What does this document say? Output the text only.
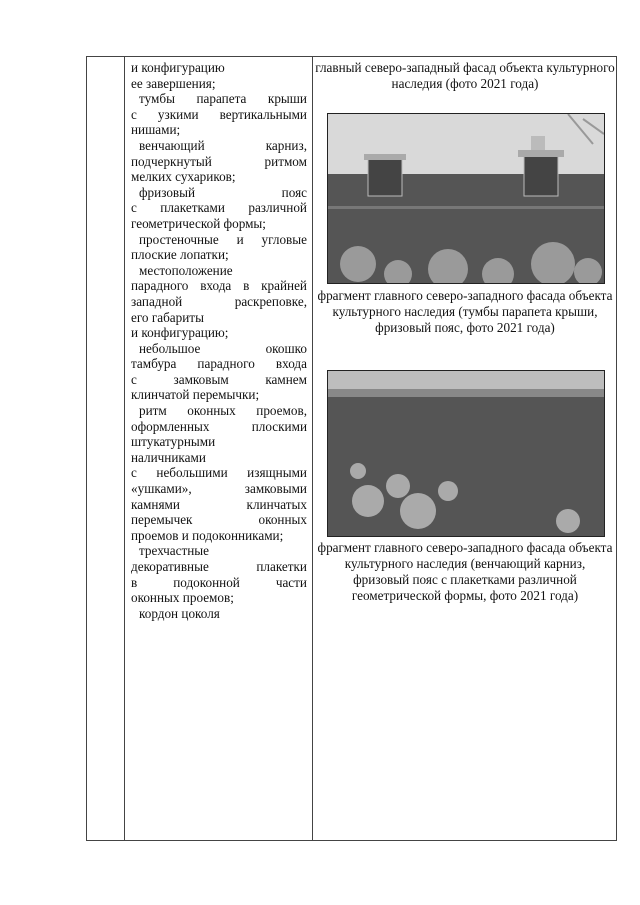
и конфигурацию
ее завершения;
тумбы парапета крыши
с узкими вертикальными
нишами;
венчающий	карниз,
подчеркнутый	ритмом
мелких сухариков;
фризовый	пояс
с плакетками различной
геометрической формы;
простеночные и угловые
плоские лопатки;
местоположение
парадного входа в крайней
западной	раскреповке,
его габариты
и конфигурацию;
небольшое	окошко
тамбура парадного входа
с	замковым	камнем
клинчатой перемычки;
ритм оконных проемов,
оформленных	плоскими
штукатурными
наличниками
с небольшими изящными
«ушками»,	замковыми
камнями	клинчатых
перемычек	оконных
проемов и подоконниками;
трехчастные
декоративные	плакетки
в	подоконной	части
оконных проемов;
кордон цоколя
главный северо-западный фасад объекта культурного наследия (фото 2021 года)
фрагмент главного северо-западного фасада объекта культурного наследия (тумбы парапета крыши, фризовый пояс, фото 2021 года)
фрагмент главного северо-западного фасада объекта культурного наследия (венчающий карниз, фризовый пояс с плакетками различной геометрической формы, фото 2021 года)
